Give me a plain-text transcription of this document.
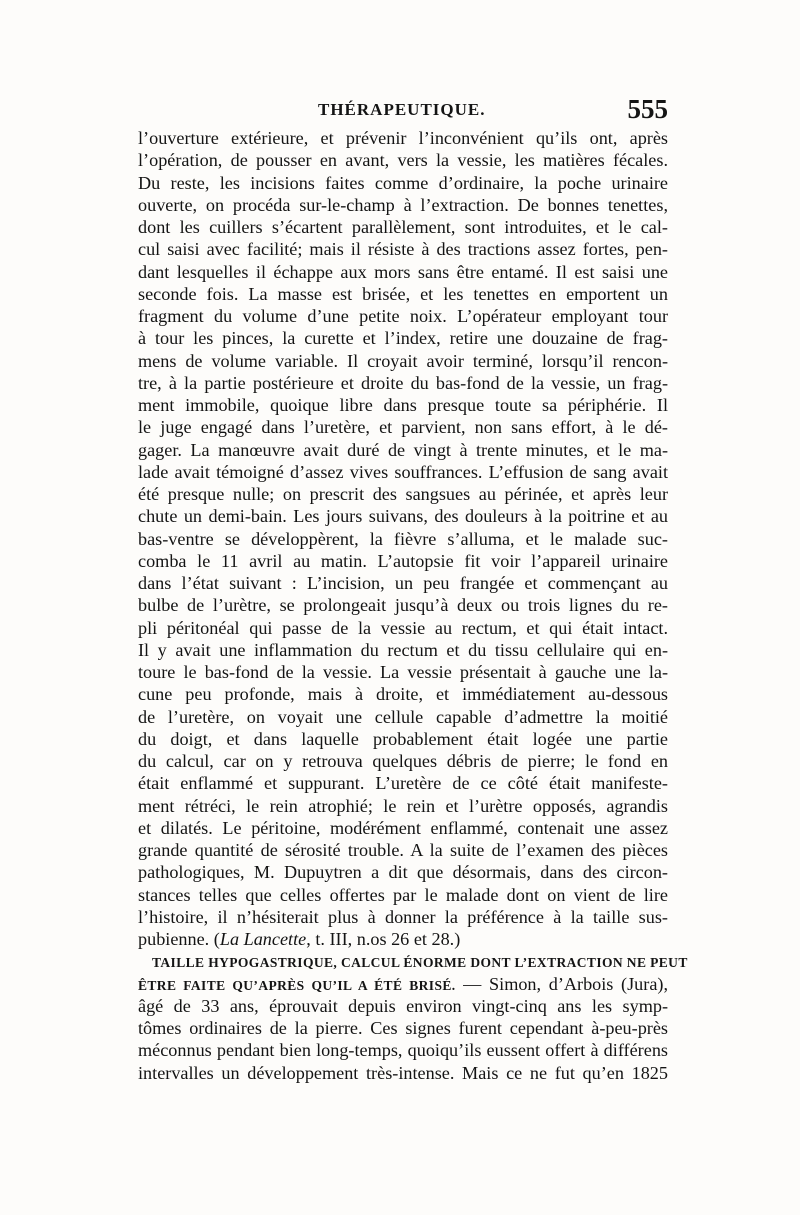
THÉRAPEUTIQUE.	555
l’ouverture extérieure, et prévenir l’inconvénient qu’ils ont, après
l’opération, de pousser en avant, vers la vessie, les matières fécales.
Du reste, les incisions faites comme d’ordinaire, la poche urinaire
ouverte, on procéda sur-le-champ à l’extraction. De bonnes tenettes,
dont les cuillers s’écartent parallèlement, sont introduites, et le cal-
cul saisi avec facilité; mais il résiste à des tractions assez fortes, pen-
dant lesquelles il échappe aux mors sans être entamé. Il est saisi une
seconde fois. La masse est brisée, et les tenettes en emportent un
fragment du volume d’une petite noix. L’opérateur employant tour
à tour les pinces, la curette et l’index, retire une douzaine de frag-
mens de volume variable. Il croyait avoir terminé, lorsqu’il rencon-
tre, à la partie postérieure et droite du bas-fond de la vessie, un frag-
ment immobile, quoique libre dans presque toute sa périphérie. Il
le juge engagé dans l’uretère, et parvient, non sans effort, à le dé-
gager. La manœuvre avait duré de vingt à trente minutes, et le ma-
lade avait témoigné d’assez vives souffrances. L’effusion de sang avait
été presque nulle; on prescrit des sangsues au périnée, et après leur
chute un demi-bain. Les jours suivans, des douleurs à la poitrine et au
bas-ventre se développèrent, la fièvre s’alluma, et le malade suc-
comba le 11 avril au matin. L’autopsie fit voir l’appareil urinaire
dans l’état suivant : L’incision, un peu frangée et commençant au
bulbe de l’urètre, se prolongeait jusqu’à deux ou trois lignes du re-
pli péritonéal qui passe de la vessie au rectum, et qui était intact.
Il y avait une inflammation du rectum et du tissu cellulaire qui en-
toure le bas-fond de la vessie. La vessie présentait à gauche une la-
cune peu profonde, mais à droite, et immédiatement au-dessous
de l’uretère, on voyait une cellule capable d’admettre la moitié
du doigt, et dans laquelle probablement était logée une partie
du calcul, car on y retrouva quelques débris de pierre; le fond en
était enflammé et suppurant. L’uretère de ce côté était manifeste-
ment rétréci, le rein atrophié; le rein et l’urètre opposés, agrandis
et dilatés. Le péritoine, modérément enflammé, contenait une assez
grande quantité de sérosité trouble. A la suite de l’examen des pièces
pathologiques, M. Dupuytren a dit que désormais, dans des circon-
stances telles que celles offertes par le malade dont on vient de lire
l’histoire, il n’hésiterait plus à donner la préférence à la taille sus-
pubienne. (La Lancette, t. III, n.os 26 et 28.)
TAILLE HYPOGASTRIQUE, CALCUL ÉNORME DONT L’EXTRACTION NE PEUT
ÊTRE FAITE QU’APRÈS QU’IL A ÉTÉ BRISÉ. — Simon, d’Arbois (Jura),
âgé de 33 ans, éprouvait depuis environ vingt-cinq ans les symp-
tômes ordinaires de la pierre. Ces signes furent cependant à-peu-près
méconnus pendant bien long-temps, quoiqu’ils eussent offert à différens
intervalles un développement très-intense. Mais ce ne fut qu’en 1825
